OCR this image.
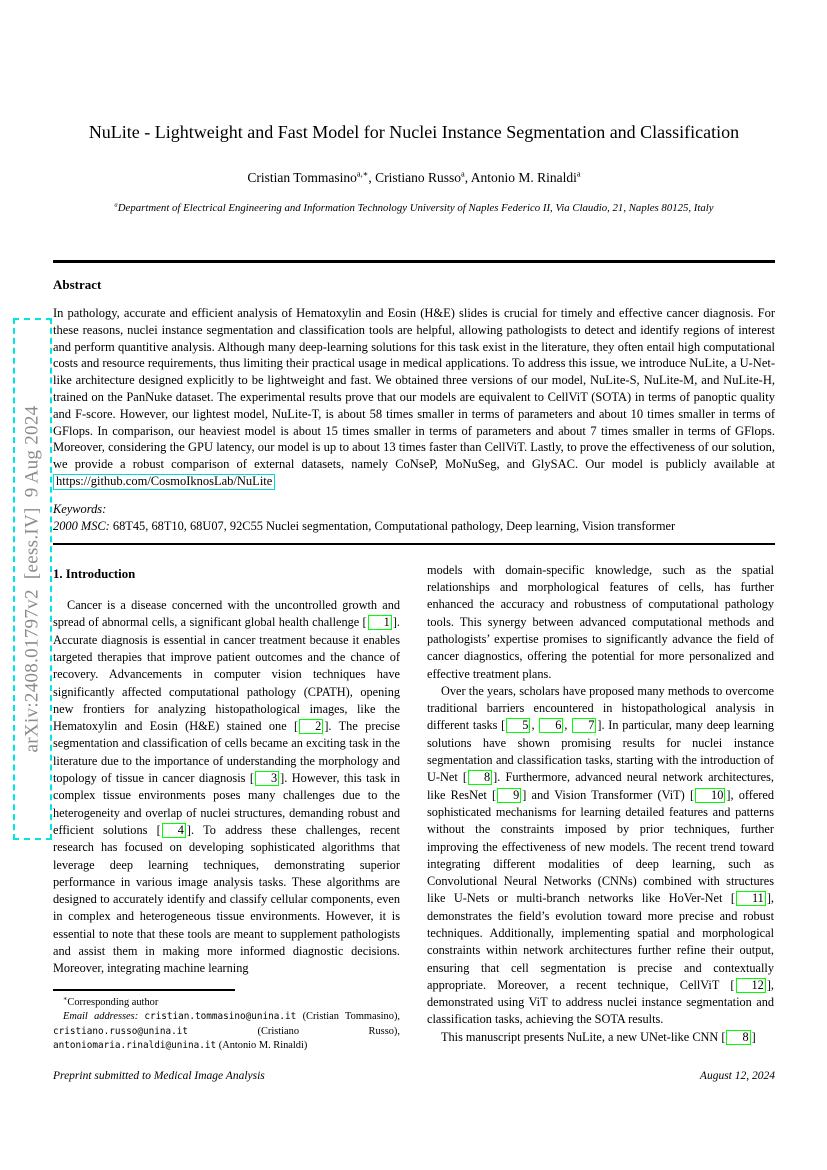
arXiv:2408.01797v2  [eess.IV]  9 Aug 2024
NuLite - Lightweight and Fast Model for Nuclei Instance Segmentation and Classification
Cristian Tommasino$^{a,∗}$, Cristiano Russo$^a$, Antonio M. Rinaldi$^a$
$^a$Department of Electrical Engineering and Information Technology University of Naples Federico II, Via Claudio, 21, Naples 80125, Italy
Abstract

In pathology, accurate and efficient analysis of Hematoxylin and Eosin (H&E) slides is crucial for timely and effective cancer diagnosis. For these reasons, nuclei instance segmentation and classification tools are helpful, allowing pathologists to detect and identify regions of interest and perform quantitive analysis. Although many deep-learning solutions for this task exist in the literature, they often entail high computational costs and resource requirements, thus limiting their practical usage in medical applications. To address this issue, we introduce NuLite, a U-Net-like architecture designed explicitly to be lightweight and fast. We obtained three versions of our model, NuLite-S, NuLite-M, and NuLite-H, trained on the PanNuke dataset. The experimental results prove that our models are equivalent to CellViT (SOTA) in terms of panoptic quality and F-score. However, our lightest model, NuLite-T, is about 58 times smaller in terms of parameters and about 10 times smaller in terms of GFlops. In comparison, our heaviest model is about 15 times smaller in terms of parameters and about 7 times smaller in terms of GFlops. Moreover, considering the GPU latency, our model is up to about 13 times faster than CellViT. Lastly, to prove the effectiveness of our solution, we provide a robust comparison of external datasets, namely CoNseP, MoNuSeg, and GlySAC. Our model is publicly available at https://github.com/CosmoIknosLab/NuLite

Keywords:

2000 MSC: 68T45, 68T10, 68U07, 92C55 Nuclei segmentation, Computational pathology, Deep learning, Vision transformer

1. Introduction

Cancer is a disease concerned with the uncontrolled growth and spread of abnormal cells, a significant global health challenge [ 1 ]. Accurate diagnosis is essential in cancer treatment because it enables targeted therapies that improve patient outcomes and the chance of recovery. Advancements in computer vision techniques have significantly affected computational pathology (CPATH), opening new frontiers for analyzing histopathological images, like the Hematoxylin and Eosin (H&E) stained one [ 2 ]. The precise segmentation and classification of cells became an exciting task in the literature due to the importance of understanding the morphology and topology of tissue in cancer diagnosis [ 3 ]. However, this task in complex tissue environments poses many challenges due to the heterogeneity and overlap of nuclei structures, demanding robust and efficient solutions [ 4 ]. To address these challenges, recent research has focused on developing sophisticated algorithms that leverage deep learning techniques, demonstrating superior performance in various image analysis tasks. These algorithms are designed to accurately identify and classify cellular components, even in complex and heterogeneous tissue environments. However, it is essential to note that these tools are meant to supplement pathologists and assist them in making more informed diagnostic decisions. Moreover, integrating machine learning

∗Corresponding author

Email addresses: cristian.tommasino@unina.it (Cristian Tommasino), cristiano.russo@unina.it (Cristiano Russo), antoniomaria.rinaldi@unina.it (Antonio M. Rinaldi)

models with domain-specific knowledge, such as the spatial relationships and morphological features of cells, has further enhanced the accuracy and robustness of computational pathology tools. This synergy between advanced computational methods and pathologists’ expertise promises to significantly advance the field of cancer diagnostics, offering the potential for more personalized and effective treatment plans.

Over the years, scholars have proposed many methods to overcome traditional barriers encountered in histopathological analysis in different tasks [ 5 , 6 , 7 ]. In particular, many deep learning solutions have shown promising results for nuclei instance segmentation and classification tasks, starting with the introduction of U-Net [ 8 ]. Furthermore, advanced neural network architectures, like ResNet [ 9 ] and Vision Transformer (ViT) [ 10 ], offered sophisticated mechanisms for learning detailed features and patterns without the constraints imposed by prior techniques, further improving the effectiveness of new models. The recent trend toward integrating different modalities of deep learning, such as Convolutional Neural Networks (CNNs) combined with structures like U-Nets or multi-branch networks like HoVer-Net [ 11 ], demonstrates the field’s evolution toward more precise and robust techniques. Additionally, implementing spatial and morphological constraints within network architectures further refine their output, ensuring that cell segmentation is precise and contextually appropriate. Moreover, a recent technique, CellViT [ 12 ], demonstrated using ViT to address nuclei instance segmentation and classification tasks, achieving the SOTA results.

This manuscript presents NuLite, a new UNet-like CNN [ 8 ]

Preprint submitted to Medical Image Analysis	August 12, 2024
